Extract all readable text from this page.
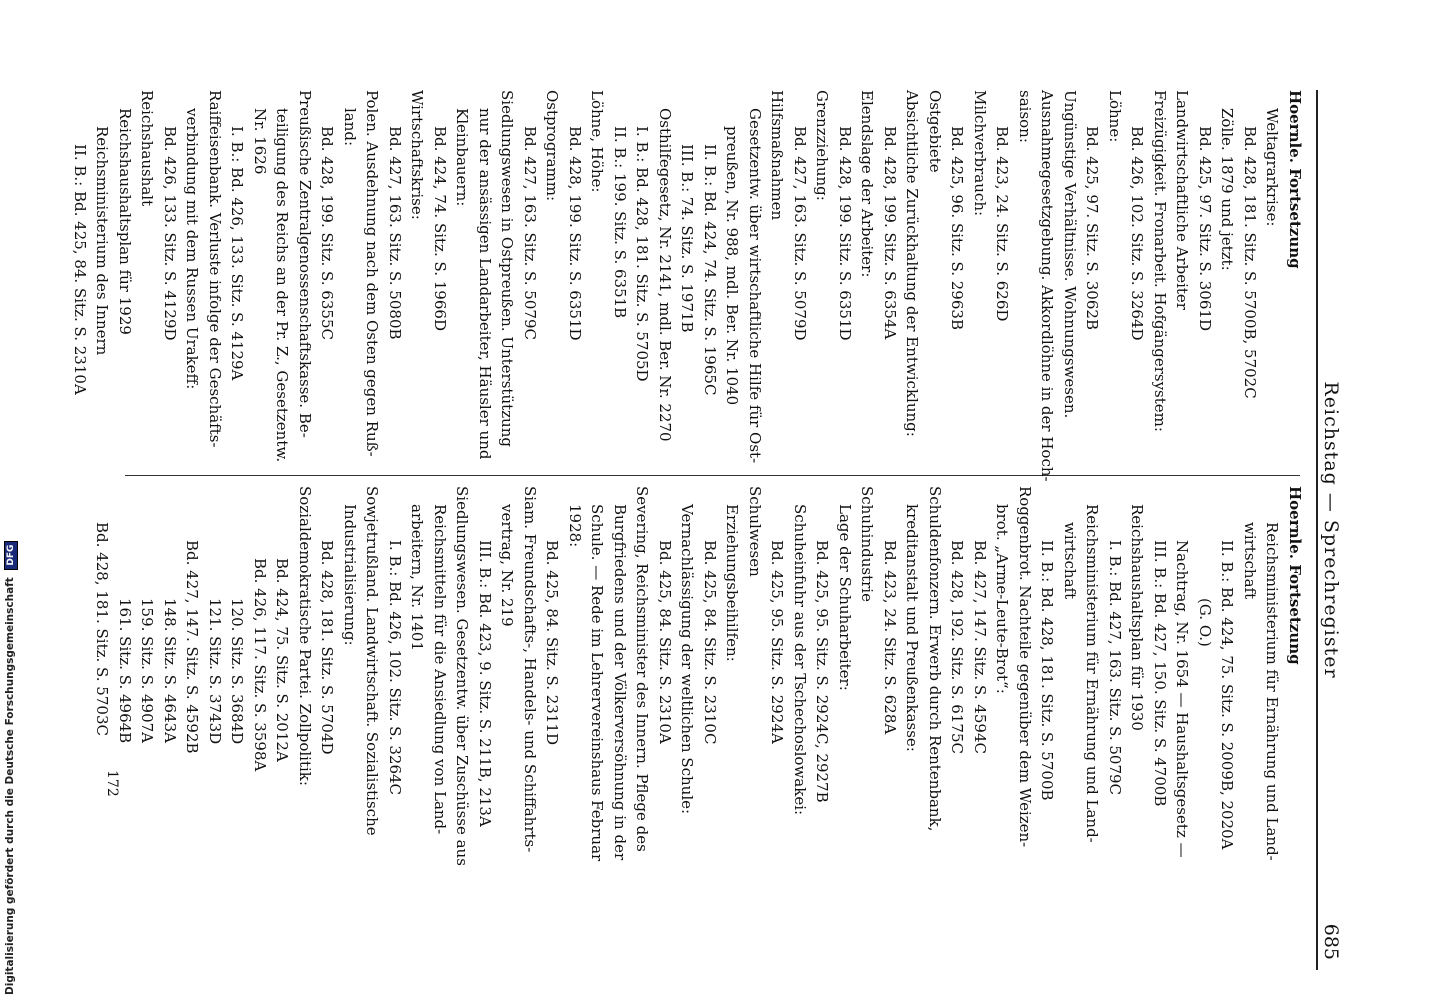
Reichstag — Sprechregister
685
Hoernle. Fortsetzung
Weltagrarkrise:
Bd. 428, 181. Sitz. S. 5700B, 5702C
Zölle. 1879 und jetzt:
Bd. 425, 97. Sitz. S. 3061D
Landwirtschaftliche Arbeiter
Freizügigkeit. Fronarbeit. Hofgängersystem:
Bd. 426, 102. Sitz. S. 3264D
Löhne:
Bd. 425, 97. Sitz. S. 3062B
Ungünstige Verhältnisse. Wohnungswesen.
Ausnahmegesetzgebung. Akkordlöhne in der Hoch-
saison:
Bd. 423, 24. Sitz. S. 626D
Milchverbrauch:
Bd. 425, 96. Sitz. S. 2963B
Ostgebiete
Absichtliche Zurückhaltung der Entwicklung:
Bd. 428, 199. Sitz. S. 6354A
Elendslage der Arbeiter:
Bd. 428, 199. Sitz. S. 6351D
Grenzziehung:
Bd. 427, 163. Sitz. S. 5079D
Hilfsmaßnahmen
Gesetzentw. über wirtschaftliche Hilfe für Ost-
preußen, Nr. 988, mdl. Ber. Nr. 1040
II. B.: Bd. 424, 74. Sitz. S. 1965C
III. B.: 74. Sitz. S. 1971B
Osthilfegesetz, Nr. 2141, mdl. Ber. Nr. 2270
I. B.: Bd. 428, 181. Sitz. S. 5705D
II. B.: 199. Sitz. S. 6351B
Löhne, Höhe:
Bd. 428, 199. Sitz. S. 6351D
Ostprogramm:
Bd. 427, 163. Sitz. S. 5079C
Siedlungswesen in Ostpreußen. Unterstützung
nur der ansässigen Landarbeiter, Häusler und
Kleinbauern:
Bd. 424, 74. Sitz. S. 1966D
Wirtschaftskrise:
Bd. 427, 163. Sitz. S. 5080B
Polen. Ausdehnung nach dem Osten gegen Ruß-
land:
Bd. 428, 199. Sitz. S. 6355C
Preußische Zentralgenossenschaftskasse. Be-
teiligung des Reichs an der Pr. Z., Gesetzentw.
Nr. 1626
I. B.: Bd. 426, 133. Sitz. S. 4129A
Raiffeisenbank. Verluste infolge der Geschäfts-
verbindung mit dem Russen Urakeff:
Bd. 426, 133. Sitz. S. 4129D
Reichshaushalt
Reichshaushaltsplan für 1929
Reichsministerium des Innern
II. B.: Bd. 425, 84. Sitz. S. 2310A
Hoernle. Fortsetzung
Reichsministerium für Ernährung und Land-
wirtschaft
II. B.: Bd. 424, 75. Sitz. S. 2009B, 2020A
(G. O.)
Nachtrag, Nr. 1654 — Haushaltsgesetz —
III. B.: Bd. 427, 150. Sitz. S. 4700B
Reichshaushaltsplan für 1930
I. B.: Bd. 427, 163. Sitz. S. 5079C
Reichsministerium für Ernährung und Land-
wirtschaft
II. B.: Bd. 428, 181. Sitz. S. 5700B
Roggenbrot. Nachteile gegenüber dem Weizen-
brot. „Arme-Leute-Brot“:
Bd. 427, 147. Sitz. S. 4594C
Bd. 428, 192. Sitz. S. 6175C
Schuldenfonzern. Erwerb durch Rentenbank,
kreditanstalt und Preußenkasse:
Bd. 423, 24. Sitz. S. 628A
Schuhindustrie
Lage der Schuharbeiter:
Bd. 425, 95. Sitz. S. 2924C, 2927B
Schuheinfuhr aus der Tschechoslowakei:
Bd. 425, 95. Sitz. S. 2924A
Schulwesen
Erziehungsbeihilfen:
Bd. 425, 84. Sitz. S. 2310C
Vernachlässigung der weltlichen Schule:
Bd. 425, 84. Sitz. S. 2310A
Severing, Reichsminister des Innern. Pflege des
Burgfriedens und der Völkerversöhnung in der
Schule. — Rede im Lehrervereinshaus Februar
1928:
Bd. 425, 84. Sitz. S. 2311D
Siam. Freundschafts-, Handels- und Schiffahrts-
vertrag, Nr. 219
III. B.: Bd. 423, 9. Sitz. S. 211B, 213A
Siedlungswesen. Gesetzentw. über Zuschüsse aus
Reichsmitteln für die Ansiedlung von Land-
arbeitern, Nr. 1401
I. B.: Bd. 426, 102. Sitz. S. 3264C
Sowjetrußland. Landwirtschaft. Sozialistische
Industrialisierung:
Bd. 428, 181. Sitz. S. 5704D
Sozialdemokratische Partei. Zollpolitik:
Bd. 424, 75. Sitz. S. 2012A
Bd. 426, 117. Sitz. S. 3598A
120. Sitz. S. 3684D
121. Sitz. S. 3743D
Bd. 427, 147. Sitz. S. 4592B
148. Sitz. S. 4643A
159. Sitz. S. 4907A
161. Sitz. S. 4964B
Bd. 428, 181. Sitz. S. 5703C
172
Digitalisierung gefördert durch die Deutsche Forschungsgemeinschaft DFG
